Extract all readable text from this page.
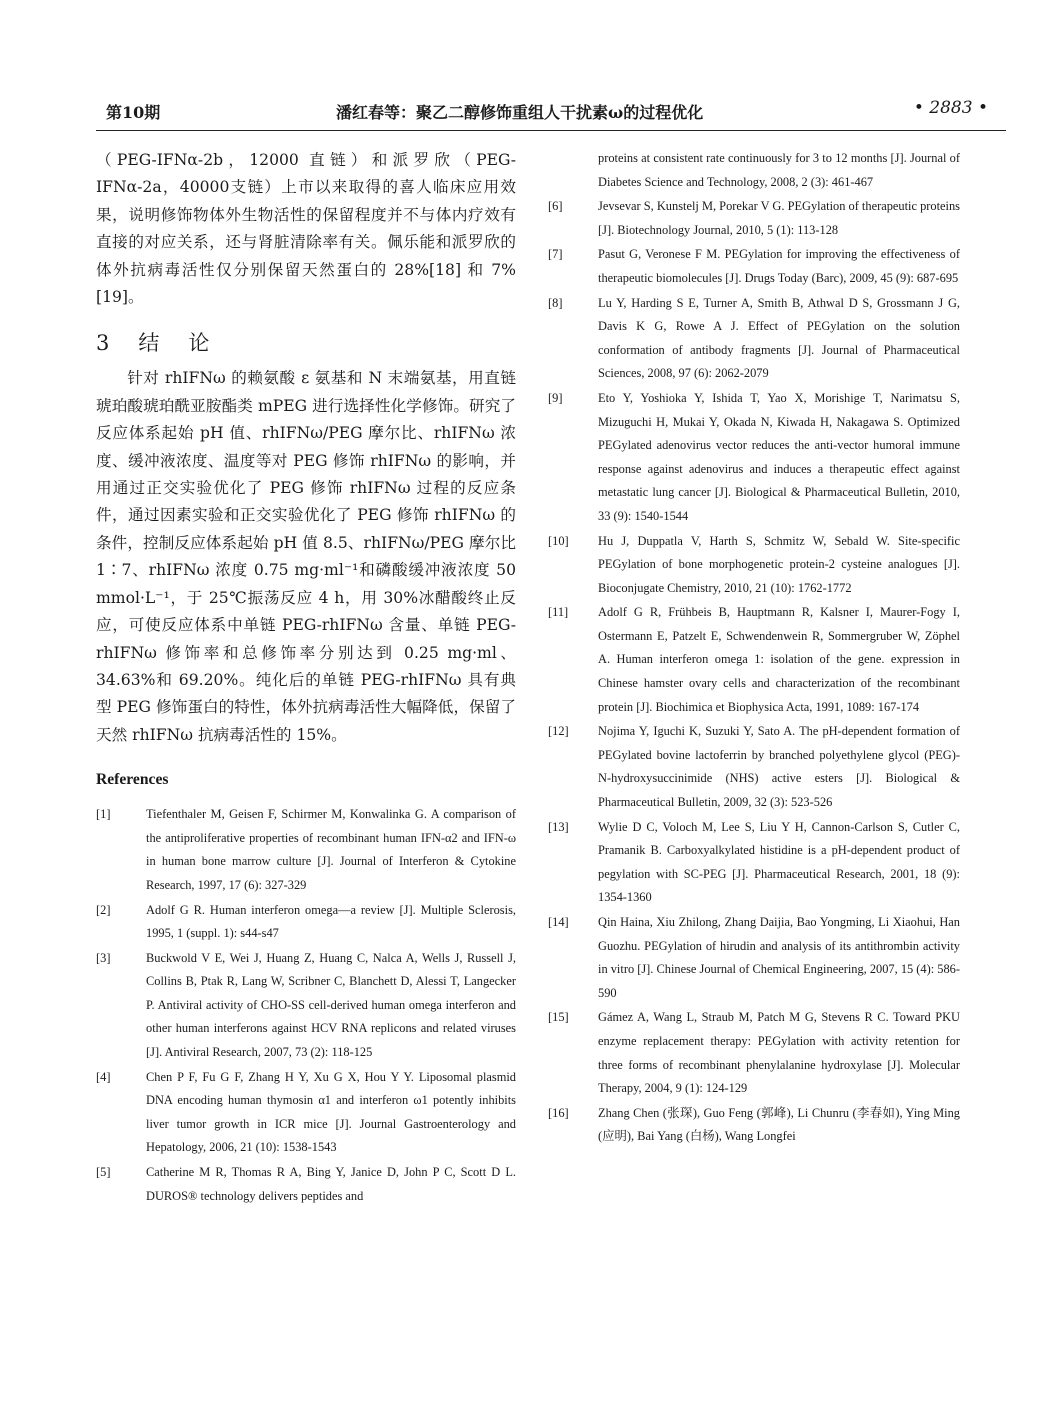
第10期	潘红春等：聚乙二醇修饰重组人干扰素ω的过程优化	• 2883 •

（PEG-IFNα-2b，12000 直链）和派罗欣（PEG-IFNα-2a，40000支链）上市以来取得的喜人临床应用效果，说明修饰物体外生物活性的保留程度并不与体内疗效有直接的对应关系，还与肾脏清除率有关。佩乐能和派罗欣的体外抗病毒活性仅分别保留天然蛋白的 28%[18] 和 7%[19]。

3　结　论

针对 rhIFNω 的赖氨酸 ε 氨基和 N 末端氨基，用直链琥珀酸琥珀酰亚胺酯类 mPEG 进行选择性化学修饰。研究了反应体系起始 pH 值、rhIFNω/PEG 摩尔比、rhIFNω 浓度、缓冲液浓度、温度等对 PEG 修饰 rhIFNω 的影响，并用通过正交实验优化了 PEG 修饰 rhIFNω 过程的反应条件，通过因素实验和正交实验优化了 PEG 修饰 rhIFNω 的条件，控制反应体系起始 pH 值 8.5、rhIFNω/PEG 摩尔比 1∶7、rhIFNω 浓度 0.75 mg·ml⁻¹和磷酸缓冲液浓度 50 mmol·L⁻¹，于 25℃振荡反应 4 h，用 30%冰醋酸终止反应，可使反应体系中单链 PEG-rhIFNω 含量、单链 PEG-rhIFNω 修饰率和总修饰率分别达到 0.25 mg·ml、34.63%和 69.20%。纯化后的单链 PEG-rhIFNω 具有典型 PEG 修饰蛋白的特性，体外抗病毒活性大幅降低，保留了天然 rhIFNω 抗病毒活性的 15%。

References
[1]	Tiefenthaler M, Geisen F, Schirmer M, Konwalinka G. A comparison of the antiproliferative properties of recombinant human IFN-α2 and IFN-ω in human bone marrow culture [J]. Journal of Interferon & Cytokine Research, 1997, 17 (6): 327-329
[2]	Adolf G R. Human interferon omega—a review [J]. Multiple Sclerosis, 1995, 1 (suppl. 1): s44-s47
[3]	Buckwold V E, Wei J, Huang Z, Huang C, Nalca A, Wells J, Russell J, Collins B, Ptak R, Lang W, Scribner C, Blanchett D, Alessi T, Langecker P. Antiviral activity of CHO-SS cell-derived human omega interferon and other human interferons against HCV RNA replicons and related viruses [J]. Antiviral Research, 2007, 73 (2): 118-125
[4]	Chen P F, Fu G F, Zhang H Y, Xu G X, Hou Y Y. Liposomal plasmid DNA encoding human thymosin α1 and interferon ω1 potently inhibits liver tumor growth in ICR mice [J]. Journal Gastroenterology and Hepatology, 2006, 21 (10): 1538-1543
[5]	Catherine M R, Thomas R A, Bing Y, Janice D, John P C, Scott D L. DUROS® technology delivers peptides and
proteins at consistent rate continuously for 3 to 12 months [J]. Journal of Diabetes Science and Technology, 2008, 2 (3): 461-467
[6]	Jevsevar S, Kunstelj M, Porekar V G. PEGylation of therapeutic proteins [J]. Biotechnology Journal, 2010, 5 (1): 113-128
[7]	Pasut G, Veronese F M. PEGylation for improving the effectiveness of therapeutic biomolecules [J]. Drugs Today (Barc), 2009, 45 (9): 687-695
[8]	Lu Y, Harding S E, Turner A, Smith B, Athwal D S, Grossmann J G, Davis K G, Rowe A J. Effect of PEGylation on the solution conformation of antibody fragments [J]. Journal of Pharmaceutical Sciences, 2008, 97 (6): 2062-2079
[9]	Eto Y, Yoshioka Y, Ishida T, Yao X, Morishige T, Narimatsu S, Mizuguchi H, Mukai Y, Okada N, Kiwada H, Nakagawa S. Optimized PEGylated adenovirus vector reduces the anti-vector humoral immune response against adenovirus and induces a therapeutic effect against metastatic lung cancer [J]. Biological & Pharmaceutical Bulletin, 2010, 33 (9): 1540-1544
[10]	Hu J, Duppatla V, Harth S, Schmitz W, Sebald W. Site-specific PEGylation of bone morphogenetic protein-2 cysteine analogues [J]. Bioconjugate Chemistry, 2010, 21 (10): 1762-1772
[11]	Adolf G R, Frühbeis B, Hauptmann R, Kalsner I, Maurer-Fogy I, Ostermann E, Patzelt E, Schwendenwein R, Sommergruber W, Zöphel A. Human interferon omega 1: isolation of the gene. expression in Chinese hamster ovary cells and characterization of the recombinant protein [J]. Biochimica et Biophysica Acta, 1991, 1089: 167-174
[12]	Nojima Y, Iguchi K, Suzuki Y, Sato A. The pH-dependent formation of PEGylated bovine lactoferrin by branched polyethylene glycol (PEG)-N-hydroxysuccinimide (NHS) active esters [J]. Biological & Pharmaceutical Bulletin, 2009, 32 (3): 523-526
[13]	Wylie D C, Voloch M, Lee S, Liu Y H, Cannon-Carlson S, Cutler C, Pramanik B. Carboxyalkylated histidine is a pH-dependent product of pegylation with SC-PEG [J]. Pharmaceutical Research, 2001, 18 (9): 1354-1360
[14]	Qin Haina, Xiu Zhilong, Zhang Daijia, Bao Yongming, Li Xiaohui, Han Guozhu. PEGylation of hirudin and analysis of its antithrombin activity in vitro [J]. Chinese Journal of Chemical Engineering, 2007, 15 (4): 586-590
[15]	Gámez A, Wang L, Straub M, Patch M G, Stevens R C. Toward PKU enzyme replacement therapy: PEGylation with activity retention for three forms of recombinant phenylalanine hydroxylase [J]. Molecular Therapy, 2004, 9 (1): 124-129
[16]	Zhang Chen (张琛), Guo Feng (郭峰), Li Chunru (李春如), Ying Ming (应明), Bai Yang (白杨), Wang Longfei
